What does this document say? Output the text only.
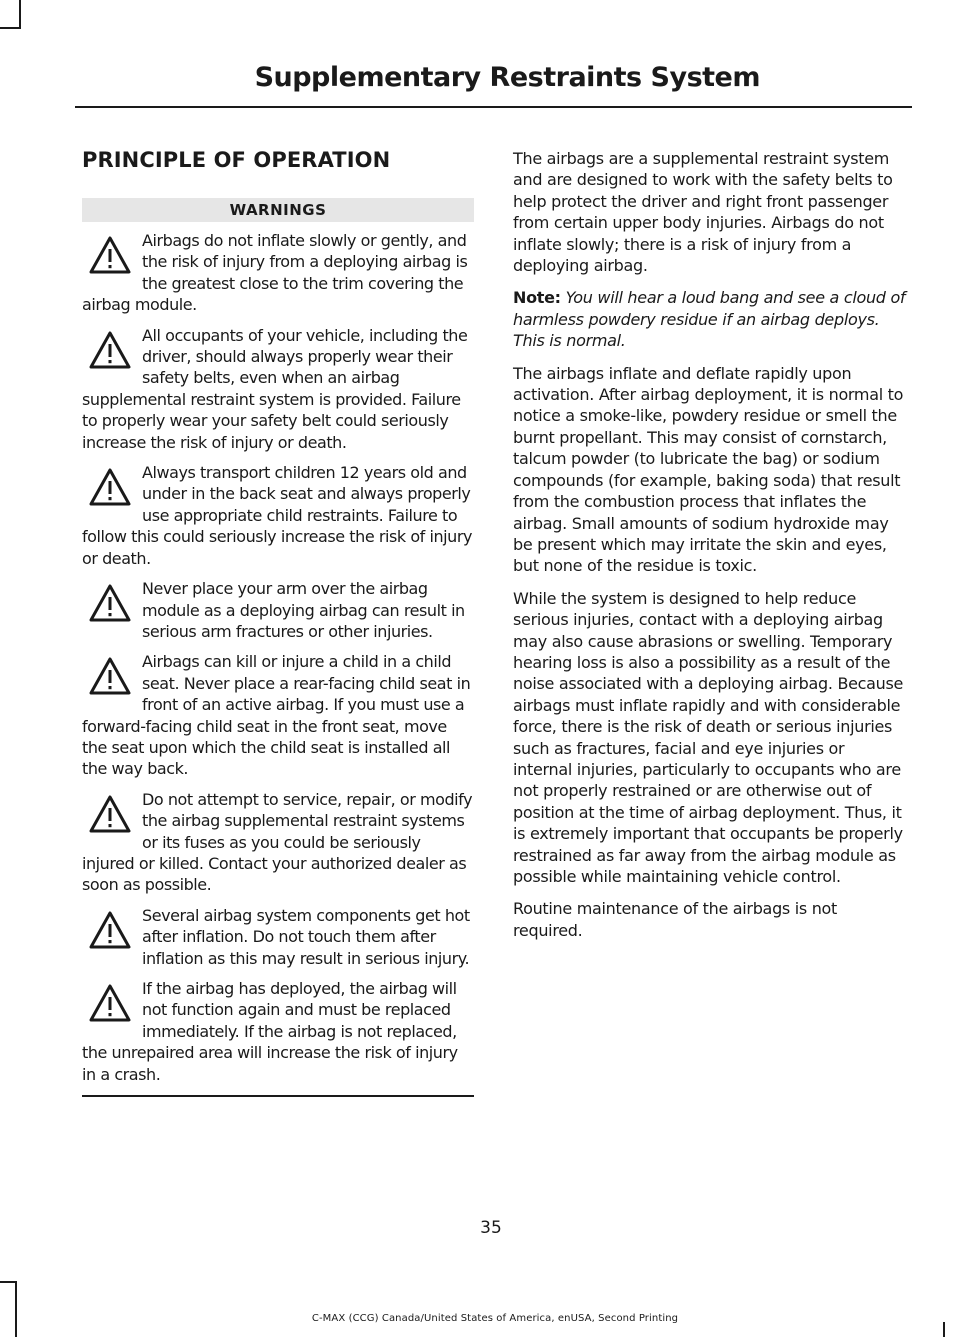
Supplementary Restraints System
PRINCIPLE OF OPERATION
WARNINGS

Airbags do not inflate slowly or gently, and the risk of injury from a deploying airbag is the greatest close to the trim covering the airbag module.

All occupants of your vehicle, including the driver, should always properly wear their safety belts, even when an airbag supplemental restraint system is provided. Failure to properly wear your safety belt could seriously increase the risk of injury or death.

Always transport children 12 years old and under in the back seat and always properly use appropriate child restraints. Failure to follow this could seriously increase the risk of injury or death.

Never place your arm over the airbag module as a deploying airbag can result in serious arm fractures or other injuries.

Airbags can kill or injure a child in a child seat. Never place a rear-facing child seat in front of an active airbag. If you must use a forward-facing child seat in the front seat, move the seat upon which the child seat is installed all the way back.

Do not attempt to service, repair, or modify the airbag supplemental restraint systems or its fuses as you could be seriously injured or killed. Contact your authorized dealer as soon as possible.

Several airbag system components get hot after inflation. Do not touch them after inflation as this may result in serious injury.

If the airbag has deployed, the airbag will not function again and must be replaced immediately. If the airbag is not replaced, the unrepaired area will increase the risk of injury in a crash.

The airbags are a supplemental restraint system and are designed to work with the safety belts to help protect the driver and right front passenger from certain upper body injuries. Airbags do not inflate slowly; there is a risk of injury from a deploying airbag.

Note: You will hear a loud bang and see a cloud of harmless powdery residue if an airbag deploys. This is normal.

The airbags inflate and deflate rapidly upon activation. After airbag deployment, it is normal to notice a smoke-like, powdery residue or smell the burnt propellant. This may consist of cornstarch, talcum powder (to lubricate the bag) or sodium compounds (for example, baking soda) that result from the combustion process that inflates the airbag. Small amounts of sodium hydroxide may be present which may irritate the skin and eyes, but none of the residue is toxic.

While the system is designed to help reduce serious injuries, contact with a deploying airbag may also cause abrasions or swelling. Temporary hearing loss is also a possibility as a result of the noise associated with a deploying airbag. Because airbags must inflate rapidly and with considerable force, there is the risk of death or serious injuries such as fractures, facial and eye injuries or internal injuries, particularly to occupants who are not properly restrained or are otherwise out of position at the time of airbag deployment. Thus, it is extremely important that occupants be properly restrained as far away from the airbag module as possible while maintaining vehicle control.

Routine maintenance of the airbags is not required.

35
C-MAX (CCG) Canada/United States of America, enUSA, Second Printing
